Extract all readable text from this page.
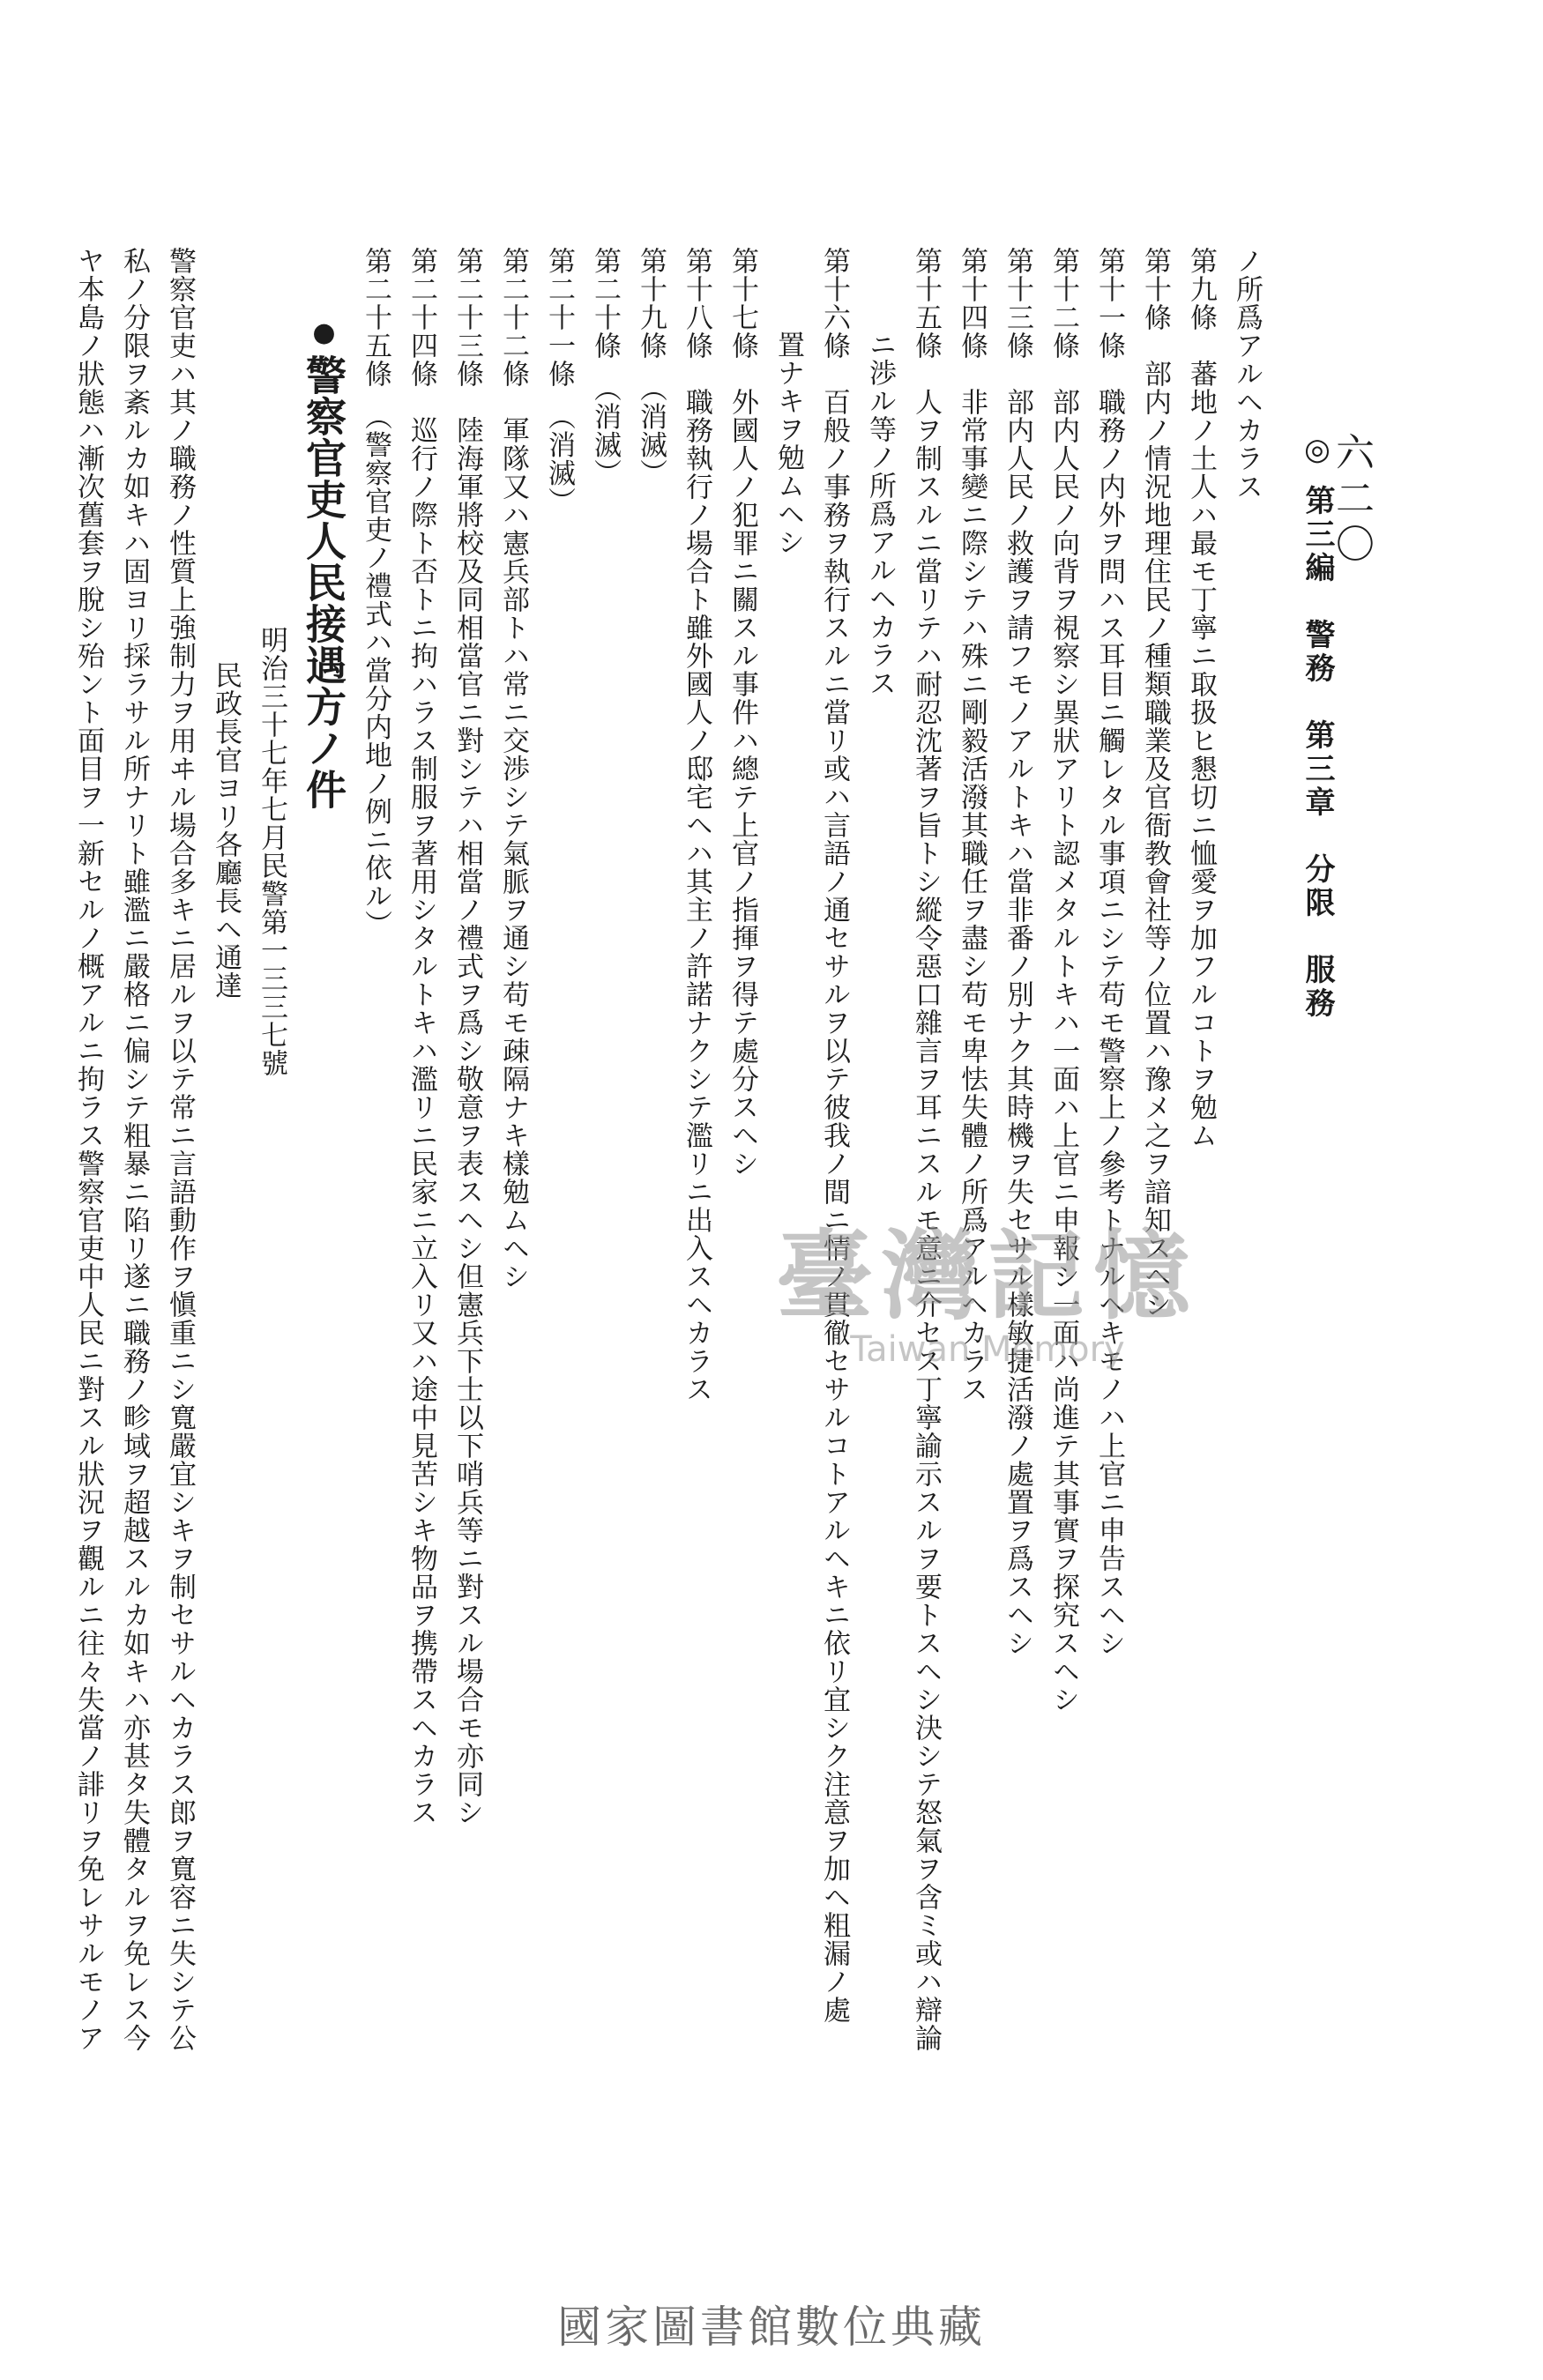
六二〇
◎ 第三編　警務　第三章　分限　服務
ノ所爲アルヘカラス
第九條　蕃地ノ土人ハ最モ丁寧ニ取扱ヒ懇切ニ恤愛ヲ加フルコトヲ勉ム
第十條　部内ノ情況地理住民ノ種類職業及官衙教會社等ノ位置ハ豫メ之ヲ諳知スヘシ
第十一條　職務ノ内外ヲ問ハス耳目ニ觸レタル事項ニシテ苟モ警察上ノ參考トナルヘキモノハ上官ニ申告スヘシ
第十二條　部内人民ノ向背ヲ視察シ異狀アリト認メタルトキハ一面ハ上官ニ申報シ一面ハ尚進テ其事實ヲ探究スヘシ
第十三條　部内人民ノ救護ヲ請フモノアルトキハ當非番ノ別ナク其時機ヲ失セサル樣敏捷活潑ノ處置ヲ爲スヘシ
第十四條　非常事變ニ際シテハ殊ニ剛毅活潑其職任ヲ盡シ苟モ卑怯失體ノ所爲アルヘカラス
第十五條　人ヲ制スルニ當リテハ耐忍沈著ヲ旨トシ縱令惡口雜言ヲ耳ニスルモ意ニ介セス丁寧諭示スルヲ要トスヘシ決シテ怒氣ヲ含ミ或ハ辯論
ニ渉ル等ノ所爲アルヘカラス
第十六條　百般ノ事務ヲ執行スルニ當リ或ハ言語ノ通セサルヲ以テ彼我ノ間ニ情ノ貫徹セサルコトアルヘキニ依リ宜シク注意ヲ加ヘ粗漏ノ處
置ナキヲ勉ムヘシ
第十七條　外國人ノ犯罪ニ關スル事件ハ總テ上官ノ指揮ヲ得テ處分スヘシ
第十八條　職務執行ノ場合ト雖外國人ノ邸宅ヘハ其主ノ許諾ナクシテ濫リニ出入スヘカラス
第十九條　（消滅）
第二十條　（消滅）
第二十一條　（消滅）
第二十二條　軍隊又ハ憲兵部トハ常ニ交渉シテ氣脈ヲ通シ苟モ疎隔ナキ樣勉ムヘシ
第二十三條　陸海軍將校及同相當官ニ對シテハ相當ノ禮式ヲ爲シ敬意ヲ表スヘシ但憲兵下士以下哨兵等ニ對スル場合モ亦同シ
第二十四條　巡行ノ際ト否トニ拘ハラス制服ヲ著用シタルトキハ濫リニ民家ニ立入リ又ハ途中見苦シキ物品ヲ携帶スヘカラス
第二十五條　（警察官吏ノ禮式ハ當分内地ノ例ニ依ル）
●警察官吏人民接遇方ノ件
明治三十七年七月民警第一三三七號
民政長官ヨリ各廳長ヘ通達
警察官吏ハ其ノ職務ノ性質上強制力ヲ用ヰル場合多キニ居ルヲ以テ常ニ言語動作ヲ愼重ニシ寬嚴宜シキヲ制セサルヘカラス郎ヲ寬容ニ失シテ公
私ノ分限ヲ紊ルカ如キハ固ヨリ採ラサル所ナリト雖濫ニ嚴格ニ偏シテ粗暴ニ陷リ遂ニ職務ノ畛域ヲ超越スルカ如キハ亦甚タ失體タルヲ免レス今
ヤ本島ノ狀態ハ漸次舊套ヲ脫シ殆ント面目ヲ一新セルノ概アルニ拘ラス警察官吏中人民ニ對スル狀況ヲ觀ルニ往々失當ノ誹リヲ免レサルモノア	臺灣記憶
Taiwan Memory
國家圖書館數位典藏
